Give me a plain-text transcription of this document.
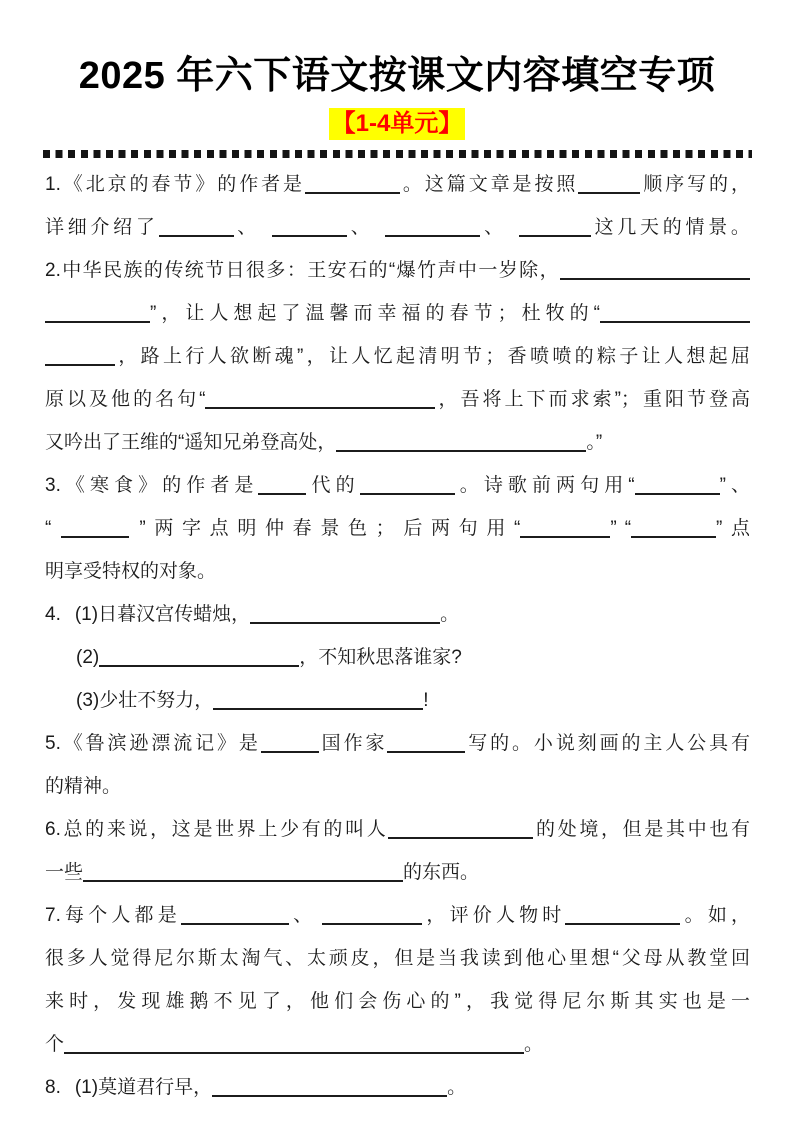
2025 年六下语文按课文内容填空专项
【1-4单元】
1.《北京的春节》的作者是	。这篇文章是按照	顺序写的，
详细介绍了	、	、	、	这几天的情景。
2.中华民族的传统节日很多：王安石的“爆竹声中一岁除，
”，让人想起了温馨而幸福的春节；杜牧的“
，路上行人欲断魂”，让人忆起清明节；香喷喷的粽子让人想起屈
原以及他的名句“	，吾将上下而求索”；重阳节登高
又吟出了王维的“遥知兄弟登高处，	。”
3.《寒食》的作者是	代的	。诗歌前两句用“	”、
“	”两字点明仲春景色；后两句用“	” “	”点
明享受特权的对象。
4. (1)日暮汉宫传蜡烛，	。
(2)	，不知秋思落谁家?
(3)少壮不努力，	!
5.《鲁滨逊漂流记》是	国作家	写的。小说刻画的主人公具有
的精神。
6.总的来说，这是世界上少有的叫人	的处境，但是其中也有
一些	的东西。
7.每个人都是	、	，评价人物时	。如，
很多人觉得尼尔斯太淘气、太顽皮，但是当我读到他心里想“父母从教堂回
来时，发现雄鹅不见了，他们会伤心的”，我觉得尼尔斯其实也是一
个	。
8. (1)莫道君行早，	。
